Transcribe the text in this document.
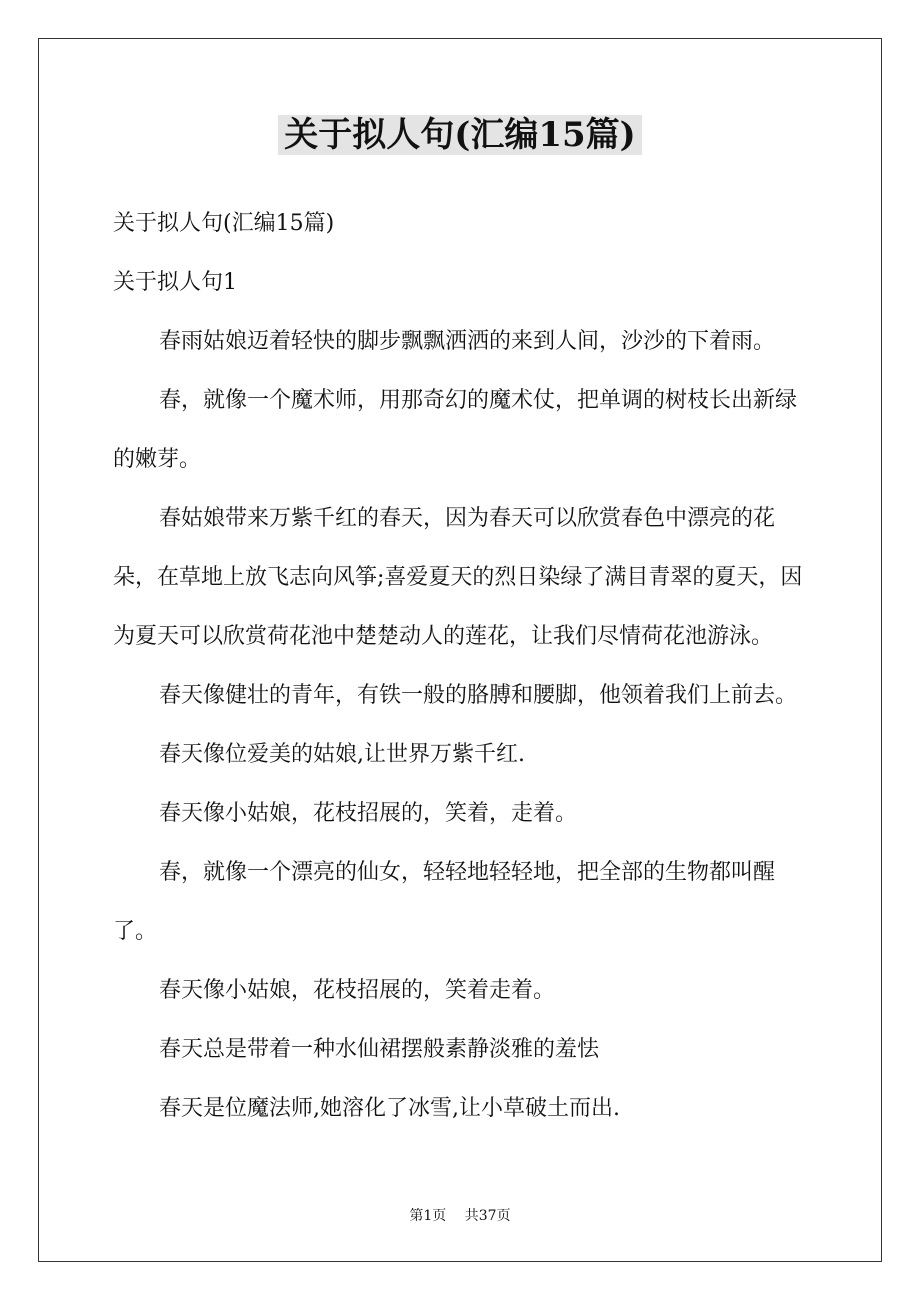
关于拟人句(汇编15篇)

关于拟人句(汇编15篇)

关于拟人句1

春雨姑娘迈着轻快的脚步飘飘洒洒的来到人间，沙沙的下着雨。

春，就像一个魔术师，用那奇幻的魔术仗，把单调的树枝长出新绿的嫩芽。

春姑娘带来万紫千红的春天，因为春天可以欣赏春色中漂亮的花朵，在草地上放飞志向风筝;喜爱夏天的烈日染绿了满目青翠的夏天，因为夏天可以欣赏荷花池中楚楚动人的莲花，让我们尽情荷花池游泳。

春天像健壮的青年，有铁一般的胳膊和腰脚，他领着我们上前去。

春天像位爱美的姑娘,让世界万紫千红.

春天像小姑娘，花枝招展的，笑着，走着。

春，就像一个漂亮的仙女，轻轻地轻轻地，把全部的生物都叫醒了。

春天像小姑娘，花枝招展的，笑着走着。

春天总是带着一种水仙裙摆般素静淡雅的羞怯

春天是位魔法师,她溶化了冰雪,让小草破土而出.

第1页 共37页
